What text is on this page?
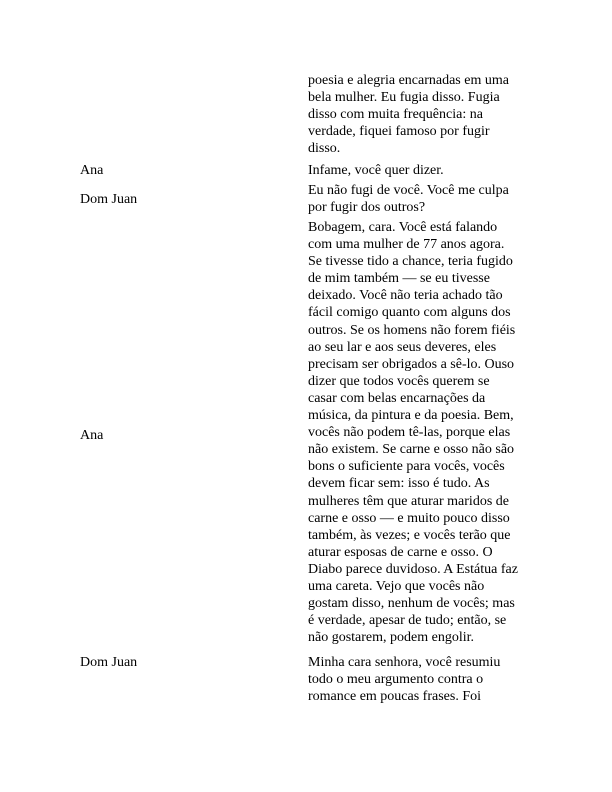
poesia e alegria encarnadas em uma
bela mulher. Eu fugia disso. Fugia
disso com muita frequência: na
verdade, fiquei famoso por fugir
disso.
Ana	Infame, você quer dizer.
Dom Juan
Eu não fugi de você. Você me culpa
por fugir dos outros?
Ana
Bobagem, cara. Você está falando
com uma mulher de 77 anos agora.
Se tivesse tido a chance, teria fugido
de mim também — se eu tivesse
deixado. Você não teria achado tão
fácil comigo quanto com alguns dos
outros. Se os homens não forem fiéis
ao seu lar e aos seus deveres, eles
precisam ser obrigados a sê-lo. Ouso
dizer que todos vocês querem se
casar com belas encarnações da
música, da pintura e da poesia. Bem,
vocês não podem tê-las, porque elas
não existem. Se carne e osso não são
bons o suficiente para vocês, vocês
devem ficar sem: isso é tudo. As
mulheres têm que aturar maridos de
carne e osso — e muito pouco disso
também, às vezes; e vocês terão que
aturar esposas de carne e osso. O
Diabo parece duvidoso. A Estátua faz
uma careta. Vejo que vocês não
gostam disso, nenhum de vocês; mas
é verdade, apesar de tudo; então, se
não gostarem, podem engolir.
Dom Juan	Minha cara senhora, você resumiu
todo o meu argumento contra o
romance em poucas frases. Foi
